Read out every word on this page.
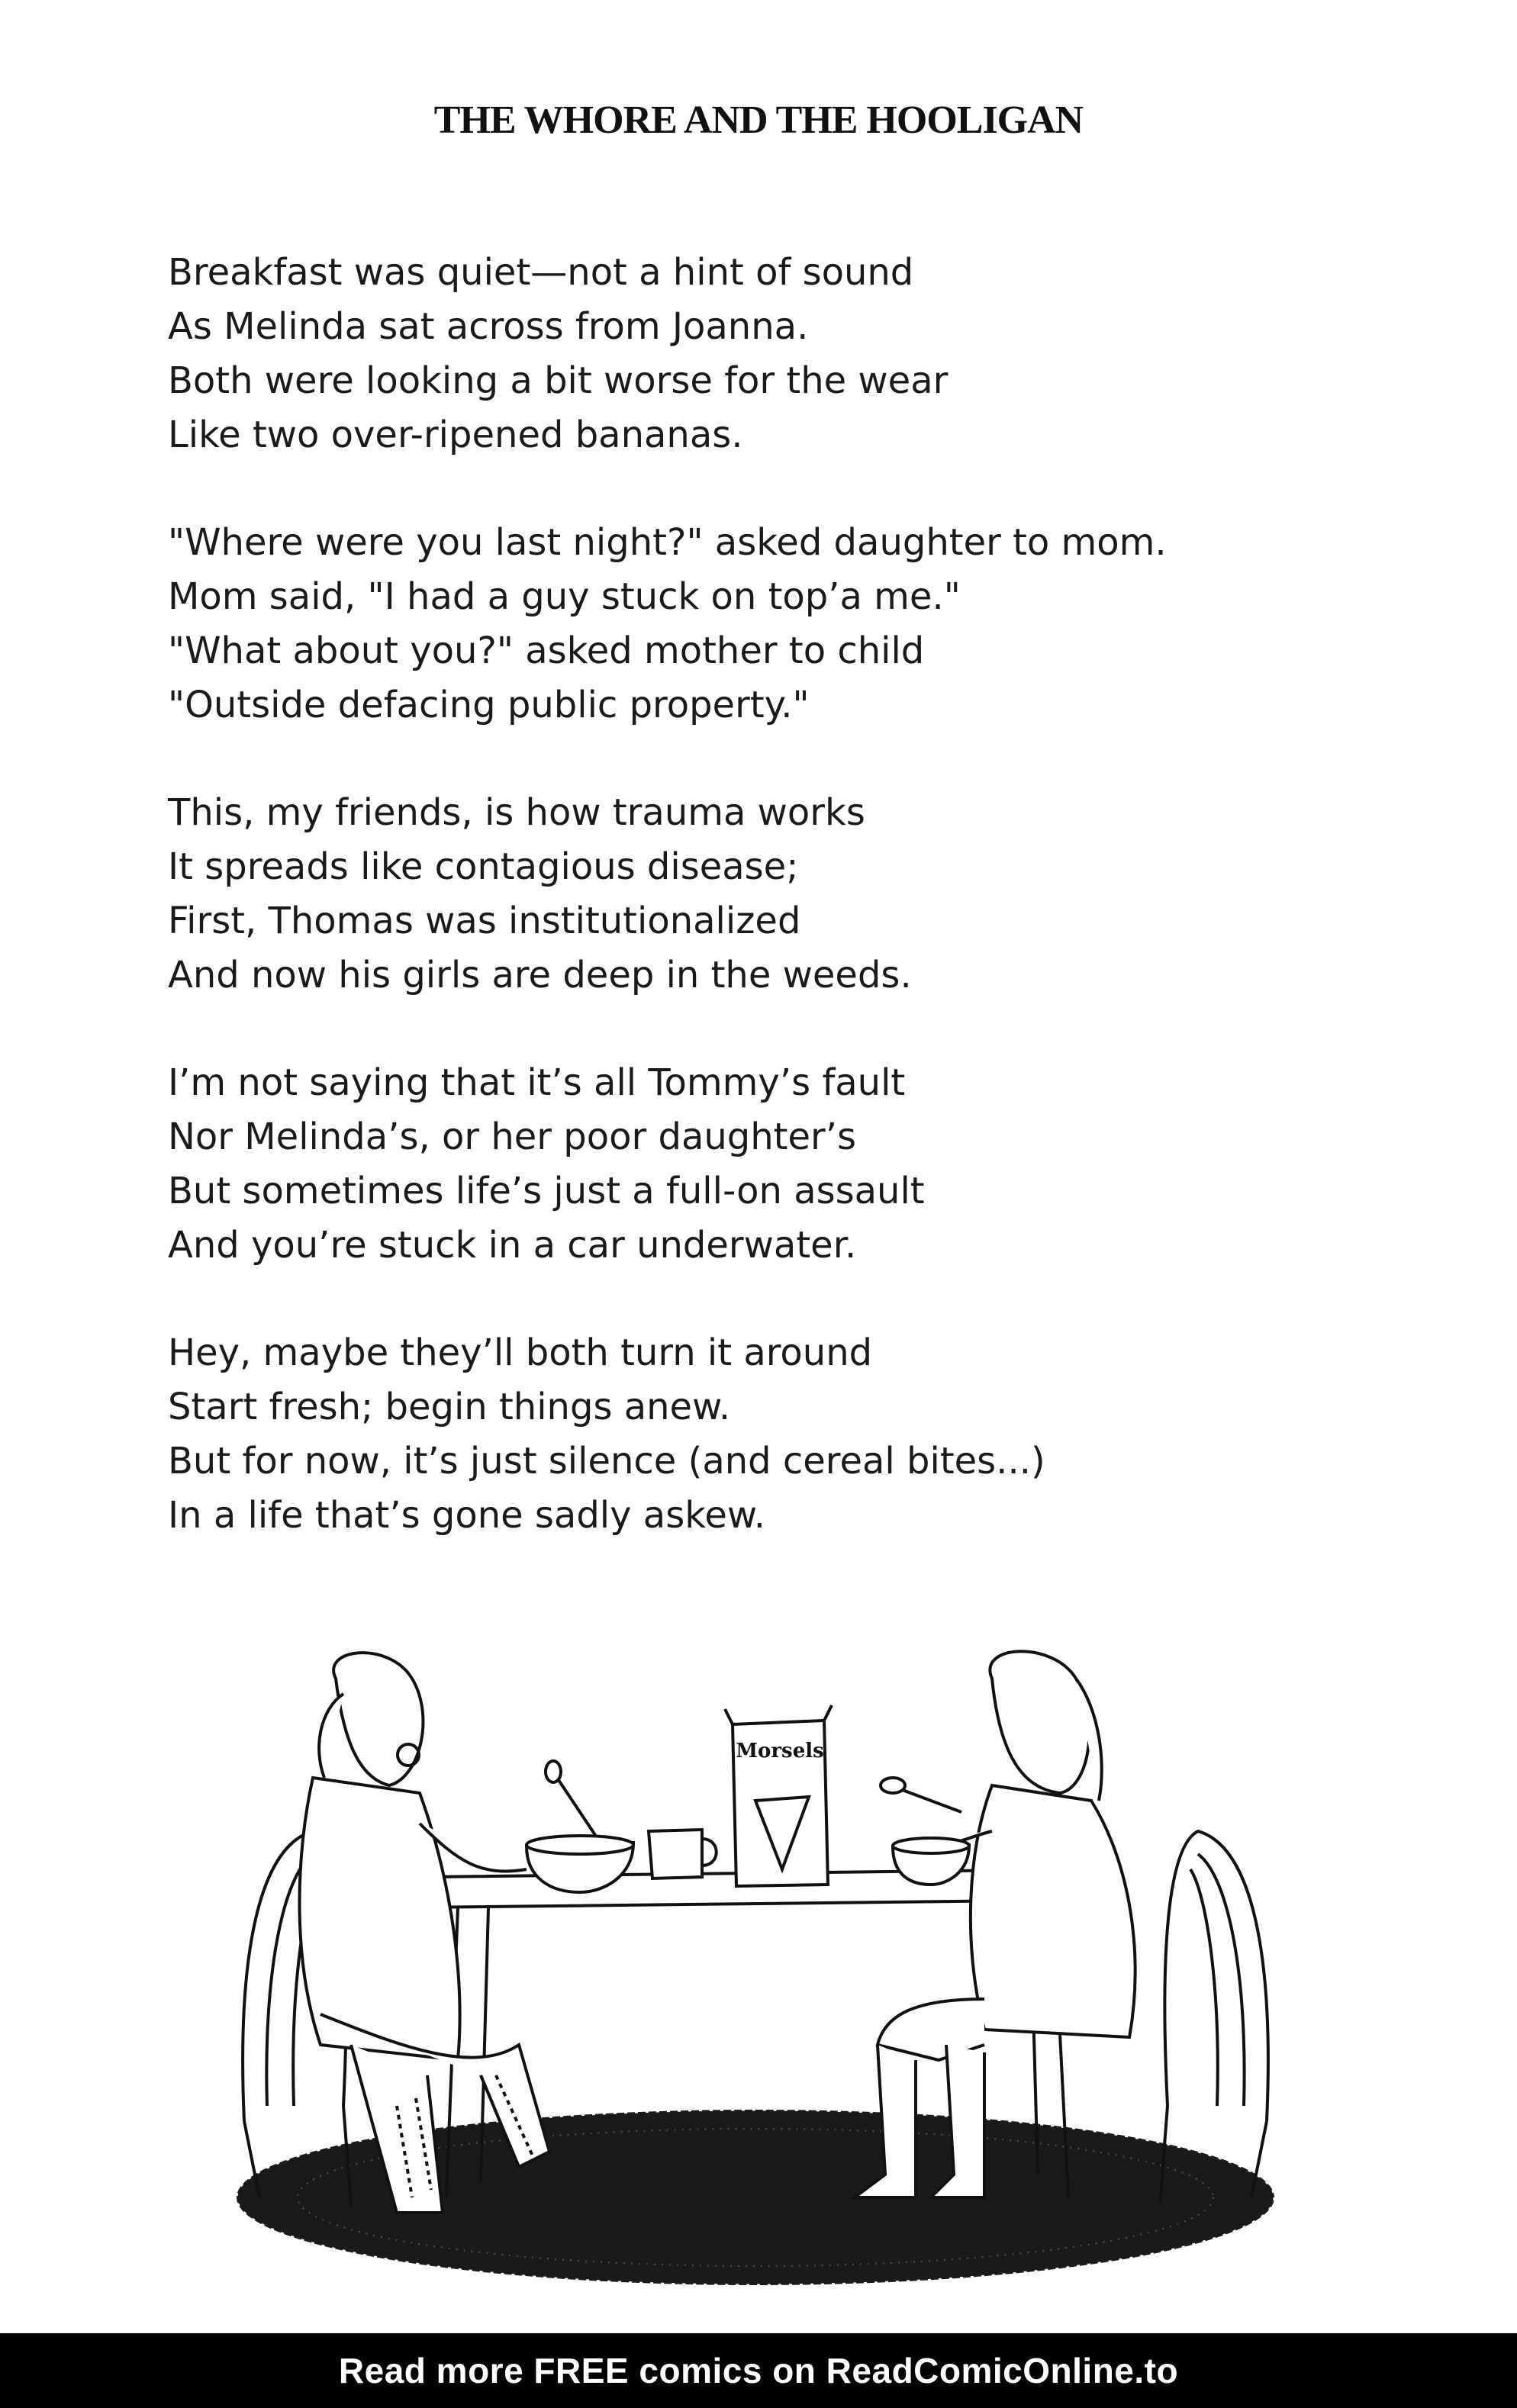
THE WHORE AND THE HOOLIGAN
Breakfast was quiet—not a hint of sound
As Melinda sat across from Joanna.
Both were looking a bit worse for the wear
Like two over-ripened bananas.
"Where were you last night?" asked daughter to mom.
Mom said, "I had a guy stuck on top’a me."
"What about you?" asked mother to child
"Outside defacing public property."
This, my friends, is how trauma works
It spreads like contagious disease;
First, Thomas was institutionalized
And now his girls are deep in the weeds.
I’m not saying that it’s all Tommy’s fault
Nor Melinda’s, or her poor daughter’s
But sometimes life’s just a full-on assault
And you’re stuck in a car underwater.
Hey, maybe they’ll both turn it around
Start fresh; begin things anew.
But for now, it’s just silence (and cereal bites...)
In a life that’s gone sadly askew.
Morsels
Read more FREE comics on ReadComicOnline.to
